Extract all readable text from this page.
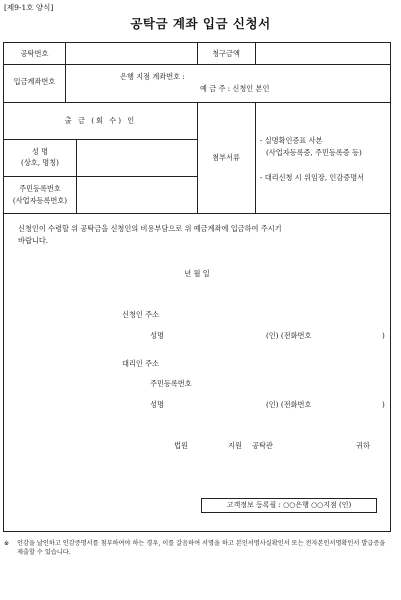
[제9-1호 양식]
공탁금 계좌 입금 신청서
공탁번호	청구금액
입금계좌번호
은행 지점 계좌번호 :
예 금 주 : 신청인 본인
출 금 (회 수) 인
성 명
(상호, 명칭)
주민등록번호
(사업자등록번호)
첨부서류
- 실명확인증표 사본
(사업자등록증, 주민등록증 등)
- 대리신청 시 위임장, 인감증명서
신청인이 수령할 위 공탁금을 신청인의 비용부담으로 위 예금계좌에 입금하여 주시기
바랍니다.
년 월 일
신청인 주소
성명	(인) (전화번호	)
대리인 주소
주민등록번호
성명	(인) (전화번호	)
법원	지원 공탁관	귀하
고객정보 등록필 : ○○은행 ○○지점 (인)
※ 인감을 날인하고 인감증명서를 첨부하여야 하는 경우, 이를 갈음하여 서명을 하고 본인서명사실확인서 또는 전자본인서명확인서 발급증을 제출할 수 있습니다.
